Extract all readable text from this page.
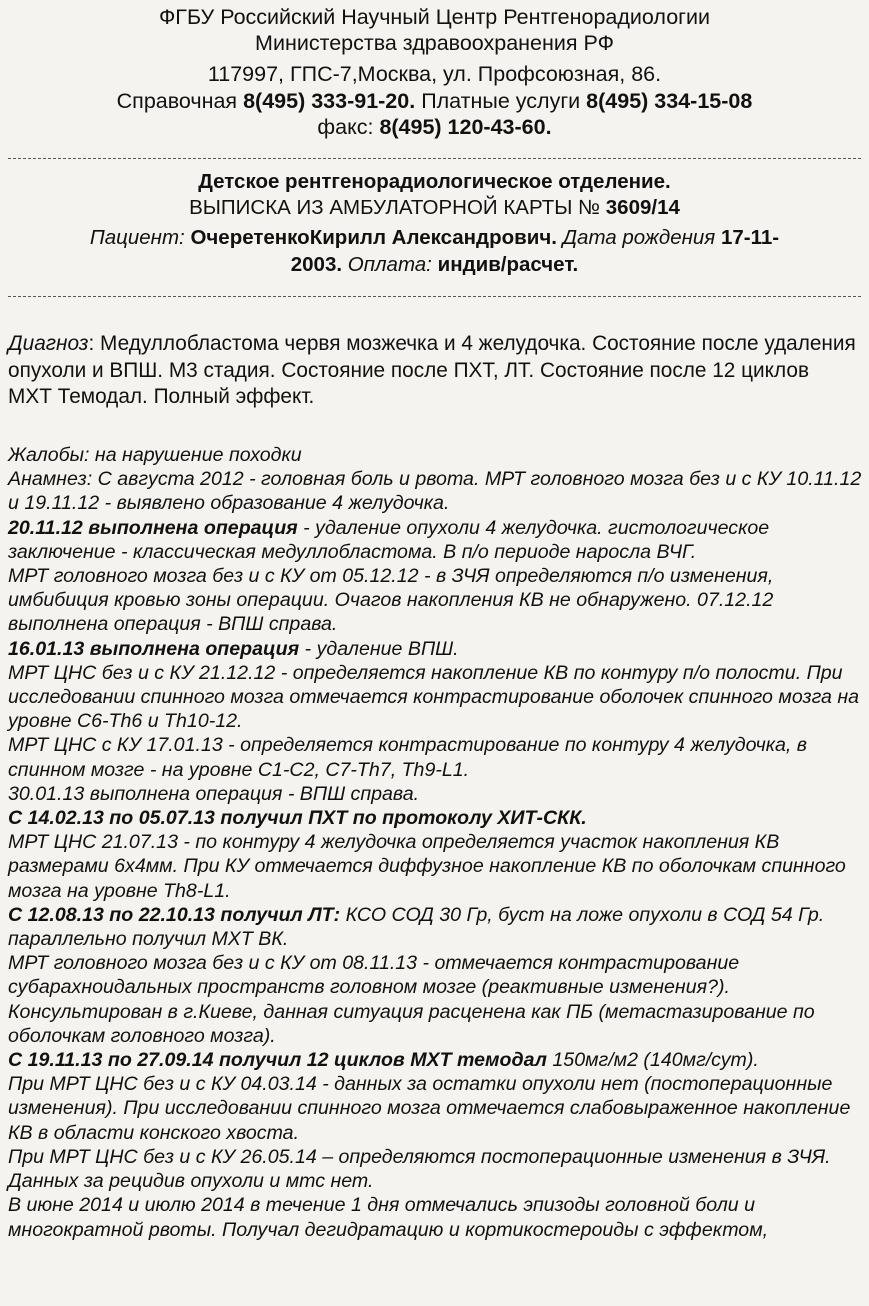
ФГБУ Российский Научный Центр Рентгенорадиологии
Министерства здравоохранения РФ
117997, ГПС-7,Москва, ул. Профсоюзная, 86.
Справочная 8(495) 333-91-20. Платные услуги 8(495) 334-15-08
факс: 8(495) 120-43-60.
Детское рентгенорадиологическое отделение.
ВЫПИСКА ИЗ АМБУЛАТОРНОЙ КАРТЫ № 3609/14
Пациент: ОчеретенкоКирилл Александрович. Дата рождения 17-11-
2003. Оплата: индив/расчет.
Диагноз: Медуллобластома червя мозжечка и 4 желудочка. Состояние после удаления опухоли и ВПШ. М3 стадия. Состояние после ПХТ, ЛТ. Состояние после 12 циклов МХТ Темодал. Полный эффект.

Жалобы: на нарушение походки

Анамнез: С августа 2012 - головная боль и рвота. МРТ головного мозга без и с КУ 10.11.12 и 19.11.12 - выявлено образование 4 желудочка.

20.11.12 выполнена операция - удаление опухоли 4 желудочка. гистологическое заключение - классическая медуллобластома. В п/о периоде наросла ВЧГ.

МРТ головного мозга без и с КУ от 05.12.12 - в ЗЧЯ определяются п/о изменения, имбибиция кровью зоны операции. Очагов накопления КВ не обнаружено. 07.12.12 выполнена операция - ВПШ справа.

16.01.13 выполнена операция - удаление ВПШ.

МРТ ЦНС без и с КУ 21.12.12 - определяется накопление КВ по контуру п/о полости. При исследовании спинного мозга отмечается контрастирование оболочек спинного мозга на уровне С6-Th6 и Th10-12.

МРТ ЦНС с КУ 17.01.13 - определяется контрастирование по контуру 4 желудочка, в спинном мозге - на уровне С1-С2, С7-Th7, Th9-L1.

30.01.13 выполнена операция - ВПШ справа.

С 14.02.13 по 05.07.13 получил ПХТ по протоколу ХИТ-СКК.

МРТ ЦНС 21.07.13 - по контуру 4 желудочка определяется участок накопления КВ размерами 6х4мм. При КУ отмечается диффузное накопление КВ по оболочкам спинного мозга на уровне Th8-L1.

С 12.08.13 по 22.10.13 получил ЛТ: КСО СОД 30 Гр, буст на ложе опухоли в СОД 54 Гр. параллельно получил МХТ ВК.

МРТ головного мозга без и с КУ от 08.11.13 - отмечается контрастирование субарахноидальных пространств головном мозге (реактивные изменения?). Консультирован в г.Киеве, данная ситуация расценена как ПБ (метастазирование по оболочкам головного мозга).

С 19.11.13 по 27.09.14 получил 12 циклов МХТ темодал 150мг/м2 (140мг/сут).

При МРТ ЦНС без и с КУ 04.03.14 - данных за остатки опухоли нет (постоперационные изменения). При исследовании спинного мозга отмечается слабовыраженное накопление КВ в области конского хвоста.

При МРТ ЦНС без и с КУ 26.05.14 – определяются постоперационные изменения в ЗЧЯ. Данных за рецидив опухоли и мтс нет.

В июне 2014 и июлю 2014 в течение 1 дня отмечались эпизоды головной боли и многократной рвоты. Получал дегидратацию и кортикостероиды с эффектом,
